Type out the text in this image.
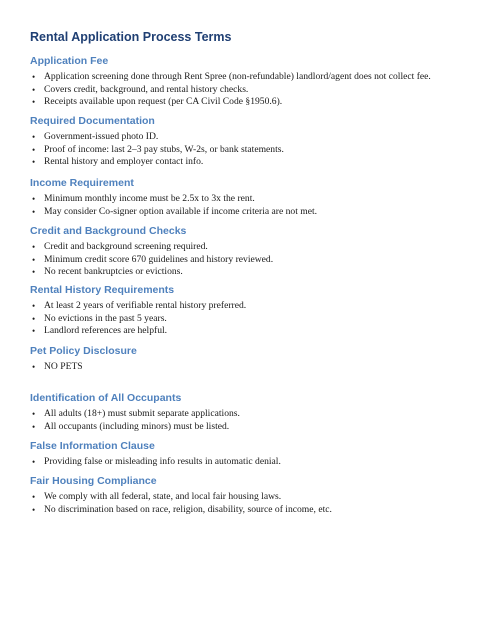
Rental Application Process Terms
Application Fee
• Application screening done through Rent Spree (non-refundable) landlord/agent does not collect fee.
• Covers credit, background, and rental history checks.
• Receipts available upon request (per CA Civil Code §1950.6).
Required Documentation
• Government-issued photo ID.
• Proof of income: last 2–3 pay stubs, W-2s, or bank statements.
• Rental history and employer contact info.
Income Requirement
• Minimum monthly income must be 2.5x to 3x the rent.
• May consider Co-signer option available if income criteria are not met.
Credit and Background Checks
• Credit and background screening required.
• Minimum credit score 670 guidelines and history reviewed.
• No recent bankruptcies or evictions.
Rental History Requirements
• At least 2 years of verifiable rental history preferred.
• No evictions in the past 5 years.
• Landlord references are helpful.
Pet Policy Disclosure
• NO PETS
Identification of All Occupants
• All adults (18+) must submit separate applications.
• All occupants (including minors) must be listed.
False Information Clause
• Providing false or misleading info results in automatic denial.
Fair Housing Compliance
• We comply with all federal, state, and local fair housing laws.
• No discrimination based on race, religion, disability, source of income, etc.
